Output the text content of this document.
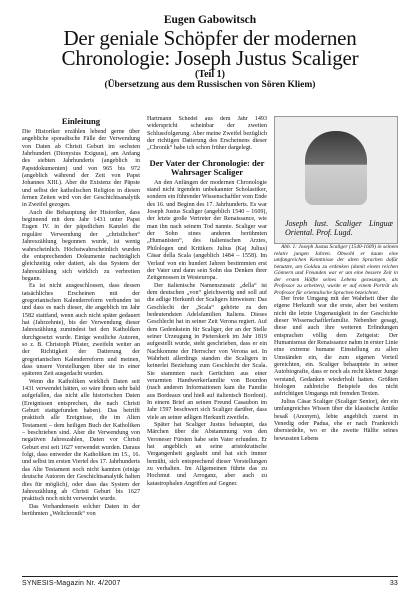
Eugen Gabowitsch
Der geniale Schöpfer der modernen Chronologie: Joseph Justus Scaliger
(Teil 1)
(Übersetzung aus dem Russischen von Sören Kliem)
Einleitung

Die Historiker erzählen lebend gerne über angebliche sporadische Fälle der Verwendung von Daten ab Christi Geburt im sechsten Jahrhundert (Dionysius Exiguus), am Anfang des siebten Jahrhunderts (angeblich in Papstdokumenten) und von 965 bis 972 (angeblich während der Zeit von Papst Johannes XIII.). Aber die Existenz der Päpste und selbst der katholischen Religion in diesen fernen Zeiten wird von der Geschichtsanalytik in Zweifel gezogen.

Auch die Behauptung der Historiker, dass beginnend mit dem Jahr 1431 unter Papst Eugen IV. in der päpstlichen Kanzlei die reguläre Verwendung der „christlichen“ Jahreszählung begonnen wurde, ist wenig wahrscheinlich. Höchstwahrscheinlich wurden die entsprechenden Dokumente nachträglich gleichzeitig oder datiert, als das System der Jahreszählung sich wirklich zu verbreiten begann.

Es ist nicht ausgeschlossen, dass dessen tatsächliches Erscheinen mit der gregorianischen Kalenderreform verbunden ist und dass es nach dieser, die angeblich im Jahr 1582 stattfand, wenn auch nicht später gedauert hat (Jahrzehnte), bis der Verwendung dieser Jahreszählung zumindest bei den Katholiken durchgesetzt wurde. Einige westliche Autoren, so z. B. Christoph Pfister, zweifeln weiter an der Richtigkeit der Datierung der gregorianischen Kalenderreform und meinen, dass unsere Vorstellungen über sie in einer späteren Zeit ausgedacht wurden.

Wenn die Katholiken wirklich Daten seit 1431 verwendet hätten, so wäre ihnen sehr bald aufgefallen, das nicht alle historischen Daten (Ereignissen entsprechen, die nach Christi Geburt stattgefunden haben). Das betrifft praktisch alle Ereignisse, die im Alten Testament – dem heiligen Buch der Katholiken – beschrieben sind. Aber die Verwendung von negativen Jahreszahlen, Daten vor Christi Geburt erst seit 1627 verwendet wurden. Daraus folgt, dass entweder die Katholiken im 15., 16. und selbst im ersten Viertel des 17. Jahrhunderts das Alte Testament noch nicht kannten (einige deutsche Autoren der Geschichtsanalytik halten dies für möglich), oder dass das System der Jahreszählung ab Christi Geburt bis 1627 praktisch noch nicht verwendet wurde.

Das Vorhandensein solcher Daten in der berühmten „Weltchronik“ von

Hartmann Schedel aus dem Jahr 1493 widerspricht scheinbar der zweiten Schlussfolgerung. Aber meine Zweifel bezüglich der richtigen Datierung des Erscheinens dieser „Chronik“ habe ich schon früher dargelegt.

Der Vater der Chronologie: der Wahrsager Scaliger

An den Anfängen der modernen Chronologie stand nicht irgendein unbekannter Scholastiker, sondern ein führender Wissenschaftler vom Ende des 16. und Beginn des 17. Jahrhunderts. Es war Joseph Justus Scaliger (angeblich 1540 – 1609), der letzte große Vertreter der Renaissance, wie man ihn nach seinem Tod nannte. Scaliger war der Sohn eines anderen berühmten „Humanisten“, des italienischen Arztes, Philologen und Kritikers Julius (Kaj Julius) Cäsar della Scala (angeblich 1484 – 1558). Im Verlauf von ein hundert Jahren bestimmten erst der Vater und dann sein Sohn das Denken ihrer Zeitgenossen in Westeuropa.

Der italienische Namenszusatz „della“ ist dem deutschen „von“ gleichwertig und soll auf die adlige Herkunft der Scaligers hinweisen: Das Geschlecht der „Scala“ gehörte zu den bedeutendsten Adelsfamilien Italiens. Dieses Geschlecht hat in seiner Zeit Verona regiert. Auf dem Gedenkstein für Scaliger, der an der Stelle seiner Urzeugung in Pieterskerk im Jahr 1819 aufgestellt wurde, steht geschrieben, dass er ein Nachkomme der Herrscher von Verona sei. In Wahrheit allerdings standen die Scaligers in keinerlei Beziehung zum Geschlecht der Scala. Sie stammten nach Gerüchten aus einer verarmten Handwerkerfamilie von Bourdon (nach anderen Informationen kam die Familie aus Bordeaux und hieß auf italienisch Bordoni). In einem Brief an seinen Freund Casaubon im Jahr 1597 beschwert sich Scaliger darüber, dass viele an seiner adligen Herkunft zweifeln.

Später hat Scaliger Justus behauptet, das Märchen über die Abstammung von den Veroneser Fürsten habe sein Vater erfunden. Er hat angeblich an seine aristokratische Vergangenheit geglaubt und hat sich immer bemüht, sich entsprechend dieser Vorstellungen zu verhalten. Im Allgemeinen führte das zu Hochmut und Arroganz, aber auch zu katastrophalen Angriffen auf Gegner.

Joseph Iust. Scaliger Linguæ Oriental. Prof. Lugd.

Abb. 1: Joseph Justus Scaliger (1540-1609) in seinem relativ jungen Jahren. Obwohl er kaum eine umfangreichen Kenntnisse der alten Sprachen dafür benutzte, um Goldau zu erdenken (damit einem reichen Gönnern und Freunden war er um eine bessere Zeit in der ersten Hälfte seines Lebens gezwungen, als Professor zu arbeiten), wurde er auf einem Porträt als Professor für orientalische Sprachen bezeichnet.

Der freie Umgang mit der Wahrheit über die eigene Herkunft war die erste, aber bei weitem nicht die letzte Ungenauigkeit in der Geschichte dieser Wissenschaftlerfamilie. Nebenher gesagt, diese und auch ihre weiteren Erfindungen entsprachen völlig dem Zeitgeist: Der Humanismus der Renaissance nahm in erster Linie eine extreme humane Einstellung zu allen Umständen ein, die zum eigenen Vorteil gereichten, ein. Scaliger behauptete in seiner Autobiografie, dass er noch als recht kleiner Junge verstand, Gedanken wiederholt hatten. Größten biologen zahlreiche Beispiele des nicht aufrichtigen Umgangs mit fremden Texten.

Julius Cäsar Scaliger (Scaliger Senior), der ein umfangreiches Wissen über die klassische Antike besaß (Anonym), lebte angeblich zuerst in Venedig oder Padua, ehe er nach Frankreich übersiedelte, wo er die zweite Hälfte seines bewussten Lebens

SYNESIS-Magazin Nr. 4/2007	33
